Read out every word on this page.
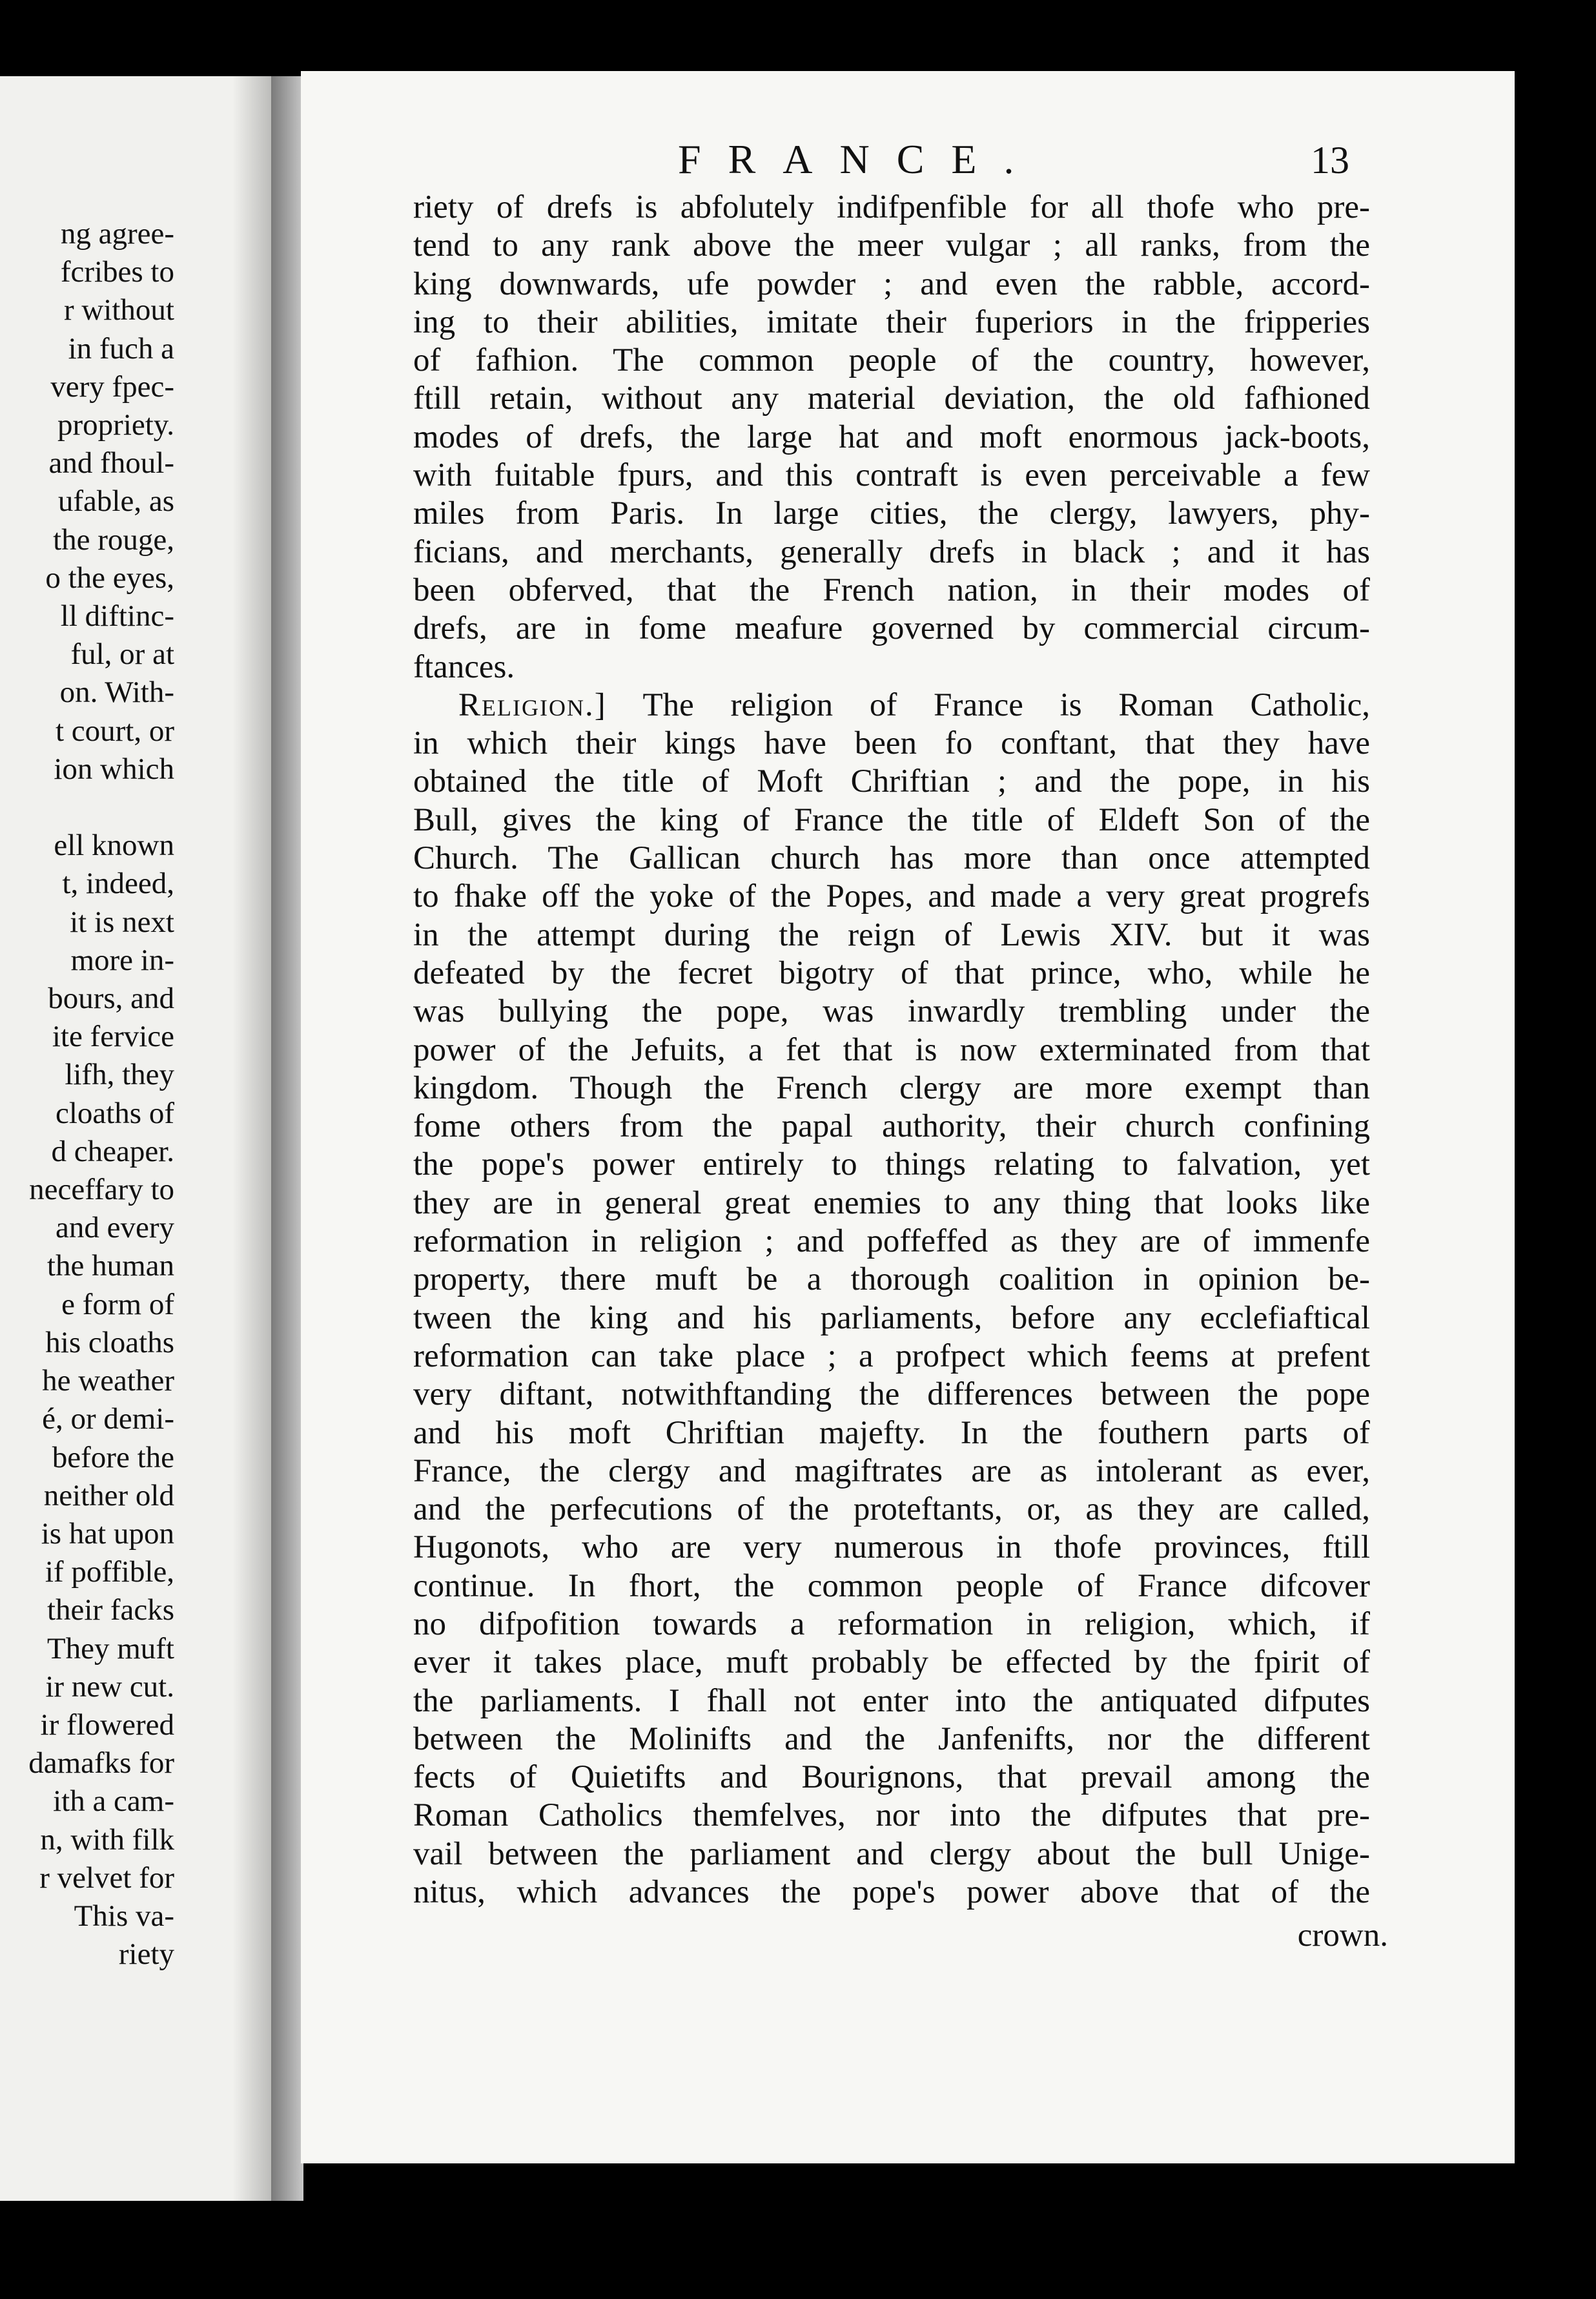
ng agree-
fcribes to
r without
in fuch a
very fpec-
propriety.
and fhoul-
ufable, as
the rouge,
o the eyes,
ll diftinc-
ful, or at
on. With-
t court, or
ion which

ell known
t, indeed,
it is next
more in-
bours, and
ite fervice
lifh, they
cloaths of
d cheaper.
neceffary to
and every
the human
e form of
his cloaths
he weather
é, or demi-
before the
neither old
is hat upon
if poffible,
their facks
They muft
ir new cut.
ir flowered
damafks for
ith a cam-
n, with filk
r velvet for
This va-
riety
FRANCE.	13
riety of drefs is abfolutely indifpenfible for all thofe who pre-
tend to any rank above the meer vulgar ; all ranks, from the
king downwards, ufe powder ; and even the rabble, accord-
ing to their abilities, imitate their fuperiors in the fripperies
of fafhion. The common people of the country, however,
ftill retain, without any material deviation, the old fafhioned
modes of drefs, the large hat and moft enormous jack-boots,
with fuitable fpurs, and this contraft is even perceivable a few
miles from Paris. In large cities, the clergy, lawyers, phy-
ficians, and merchants, generally drefs in black ; and it has
been obferved, that the French nation, in their modes of
drefs, are in fome meafure governed by commercial circum-
ftances.
Religion.] The religion of France is Roman Catholic,
in which their kings have been fo conftant, that they have
obtained the title of Moft Chriftian ; and the pope, in his
Bull, gives the king of France the title of Eldeft Son of the
Church. The Gallican church has more than once attempted
to fhake off the yoke of the Popes, and made a very great progrefs
in the attempt during the reign of Lewis XIV. but it was
defeated by the fecret bigotry of that prince, who, while he
was bullying the pope, was inwardly trembling under the
power of the Jefuits, a fet that is now exterminated from that
kingdom. Though the French clergy are more exempt than
fome others from the papal authority, their church confining
the pope's power entirely to things relating to falvation, yet
they are in general great enemies to any thing that looks like
reformation in religion ; and poffeffed as they are of immenfe
property, there muft be a thorough coalition in opinion be-
tween the king and his parliaments, before any ecclefiaftical
reformation can take place ; a profpect which feems at prefent
very diftant, notwithftanding the differences between the pope
and his moft Chriftian majefty. In the fouthern parts of
France, the clergy and magiftrates are as intolerant as ever,
and the perfecutions of the proteftants, or, as they are called,
Hugonots, who are very numerous in thofe provinces, ftill
continue. In fhort, the common people of France difcover
no difpofition towards a reformation in religion, which, if
ever it takes place, muft probably be effected by the fpirit of
the parliaments. I fhall not enter into the antiquated difputes
between the Molinifts and the Janfenifts, nor the different
fects of Quietifts and Bourignons, that prevail among the
Roman Catholics themfelves, nor into the difputes that pre-
vail between the parliament and clergy about the bull Unige-
nitus, which advances the pope's power above that of the
crown.
